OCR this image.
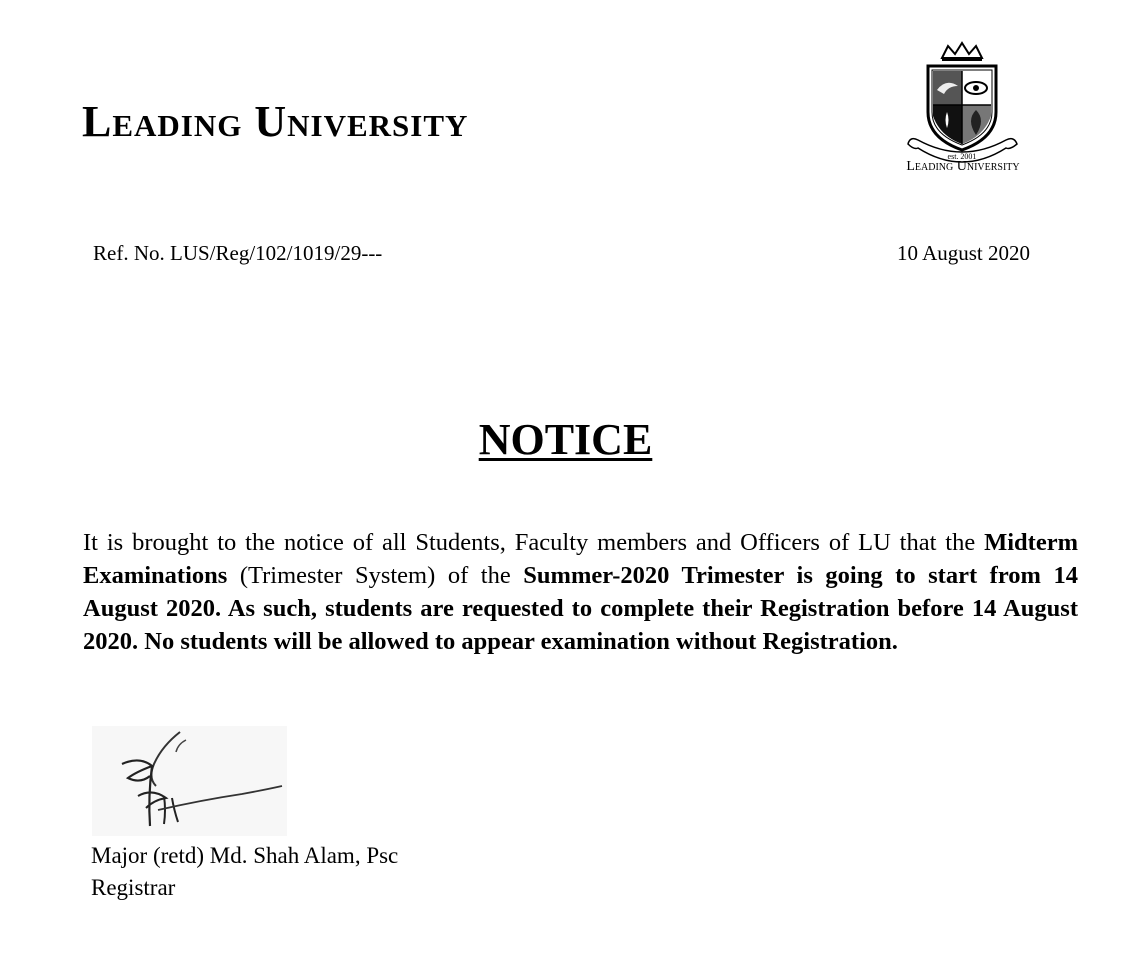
Leading University
est. 2001
Leading University
Ref. No. LUS/Reg/102/1019/29---	10 August 2020
NOTICE
It is brought to the notice of all Students, Faculty members and Officers of LU that the Midterm Examinations (Trimester System) of the Summer-2020 Trimester is going to start from 14 August 2020. As such, students are requested to complete their Registration before 14 August 2020. No students will be allowed to appear examination without Registration.
Major (retd) Md. Shah Alam, Psc
Registrar
